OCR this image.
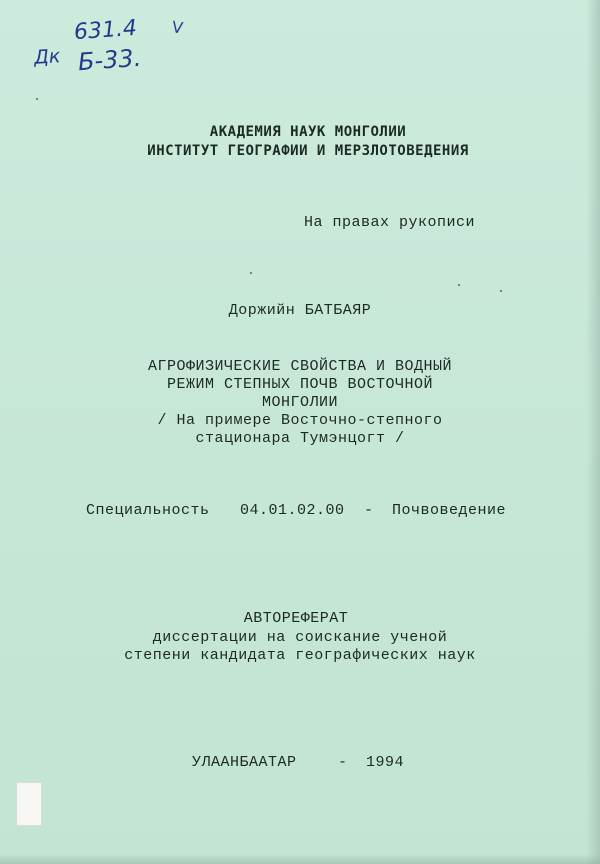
631.4
Дк Б-33.
V
АКАДЕМИЯ НАУК МОНГОЛИИ
ИНСТИТУТ ГЕОГРАФИИ И МЕРЗЛОТОВЕДЕНИЯ
На правах рукописи
Доржийн БАТБАЯР
АГРОФИЗИЧЕСКИЕ СВОЙСТВА И ВОДНЫЙ
РЕЖИМ СТЕПНЫХ ПОЧВ ВОСТОЧНОЙ
МОНГОЛИИ
/ На примере Восточно-степного
стационара Тумэнцогт /
Специальность	04.01.02.00	-	Почвоведение
АВТОРЕФЕРАТ
диссертации на соискание ученой
степени кандидата географических наук
УЛААНБААТАР	-	1994
